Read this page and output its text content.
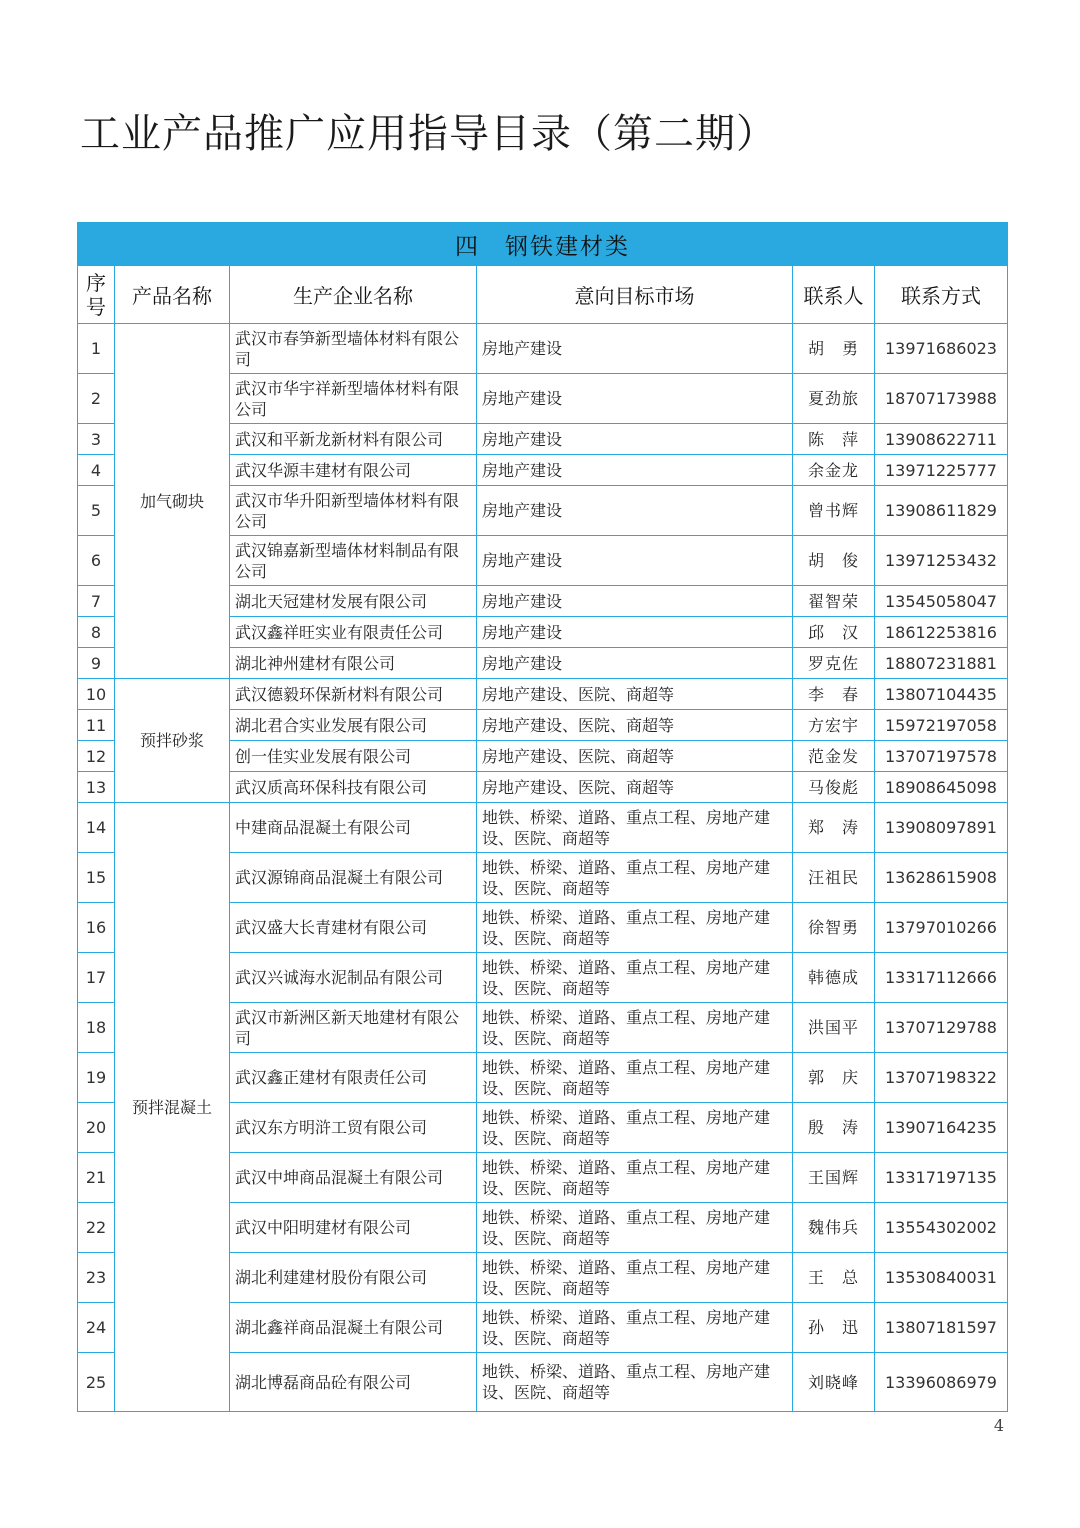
工业产品推广应用指导目录（第二期）
四　钢铁建材类					
序号	产品名称	生产企业名称	意向目标市场	联系人	联系方式
1	加气砌块	武汉市春笋新型墙体材料有限公司	房地产建设	胡　勇	13971686023
2		武汉市华宇祥新型墙体材料有限公司	房地产建设	夏劲旅	18707173988
3		武汉和平新龙新材料有限公司	房地产建设	陈　萍	13908622711
4		武汉华源丰建材有限公司	房地产建设	余金龙	13971225777
5		武汉市华升阳新型墙体材料有限公司	房地产建设	曾书辉	13908611829
6		武汉锦嘉新型墙体材料制品有限公司	房地产建设	胡　俊	13971253432
7		湖北天冠建材发展有限公司	房地产建设	翟智荣	13545058047
8		武汉鑫祥旺实业有限责任公司	房地产建设	邱　汉	18612253816
9		湖北神州建材有限公司	房地产建设	罗克佐	18807231881
10	预拌砂浆	武汉德毅环保新材料有限公司	房地产建设、医院、商超等	李　春	13807104435
11		湖北君合实业发展有限公司	房地产建设、医院、商超等	方宏宇	15972197058
12		创一佳实业发展有限公司	房地产建设、医院、商超等	范金发	13707197578
13		武汉质高环保科技有限公司	房地产建设、医院、商超等	马俊彪	18908645098
14	预拌混凝土	中建商品混凝土有限公司	地铁、桥梁、道路、重点工程、房地产建设、医院、商超等	郑　涛	13908097891
15		武汉源锦商品混凝土有限公司	地铁、桥梁、道路、重点工程、房地产建设、医院、商超等	汪祖民	13628615908
16		武汉盛大长青建材有限公司	地铁、桥梁、道路、重点工程、房地产建设、医院、商超等	徐智勇	13797010266
17		武汉兴诚海水泥制品有限公司	地铁、桥梁、道路、重点工程、房地产建设、医院、商超等	韩德成	13317112666
18		武汉市新洲区新天地建材有限公司	地铁、桥梁、道路、重点工程、房地产建设、医院、商超等	洪国平	13707129788
19		武汉鑫正建材有限责任公司	地铁、桥梁、道路、重点工程、房地产建设、医院、商超等	郭　庆	13707198322
20		武汉东方明浒工贸有限公司	地铁、桥梁、道路、重点工程、房地产建设、医院、商超等	殷　涛	13907164235
21		武汉中坤商品混凝土有限公司	地铁、桥梁、道路、重点工程、房地产建设、医院、商超等	王国辉	13317197135
22		武汉中阳明建材有限公司	地铁、桥梁、道路、重点工程、房地产建设、医院、商超等	魏伟兵	13554302002
23		湖北利建建材股份有限公司	地铁、桥梁、道路、重点工程、房地产建设、医院、商超等	王　总	13530840031
24		湖北鑫祥商品混凝土有限公司	地铁、桥梁、道路、重点工程、房地产建设、医院、商超等	孙　迅	13807181597
25		湖北博磊商品砼有限公司	地铁、桥梁、道路、重点工程、房地产建设、医院、商超等	刘晓峰	13396086979
4
